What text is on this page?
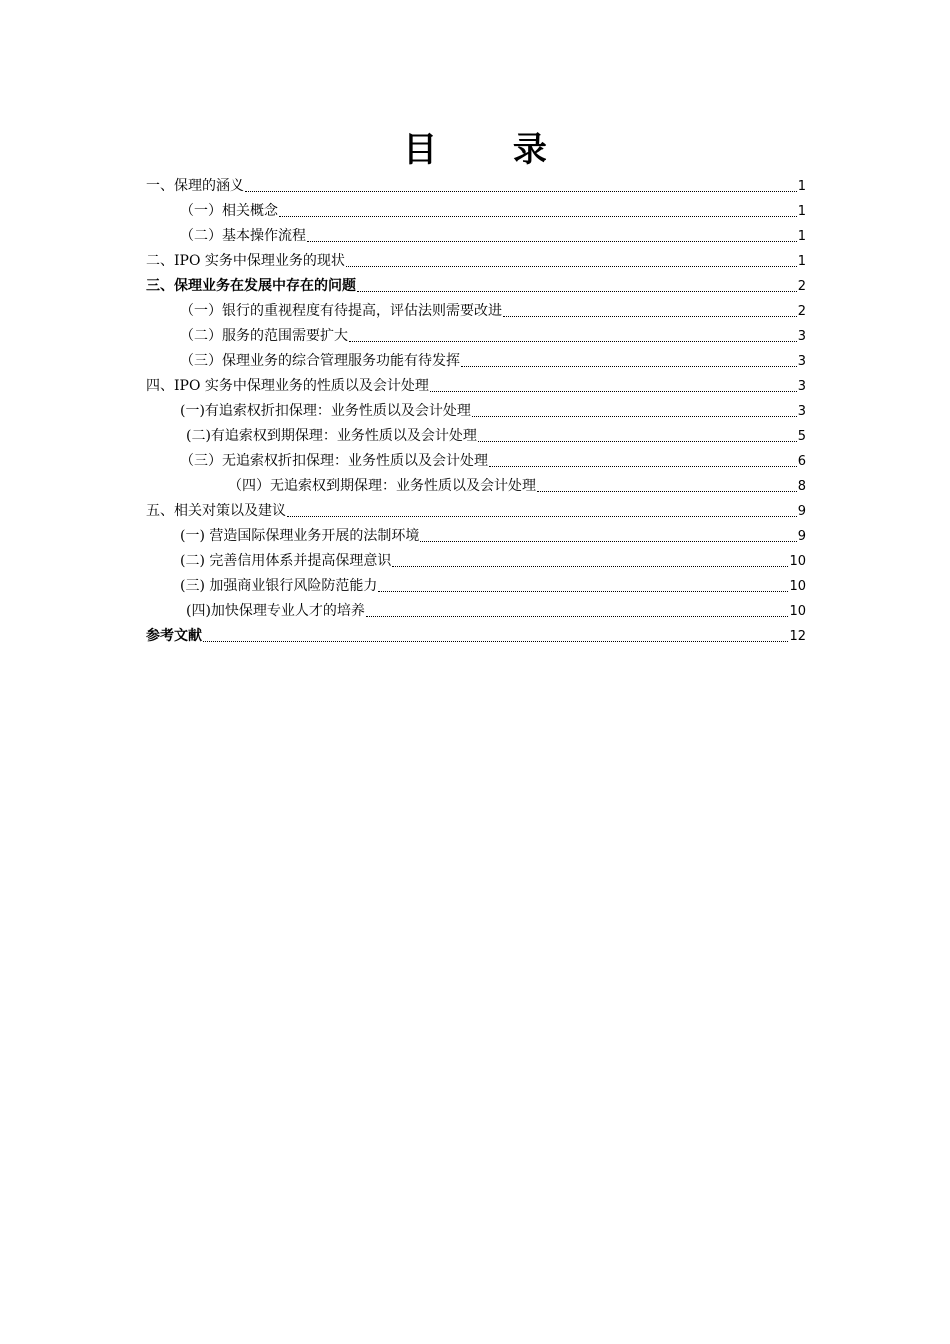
目 录
一、保理的涵义	1
（一）相关概念	1
（二）基本操作流程	1
二、IPO 实务中保理业务的现状	1
三、保理业务在发展中存在的问题	2
（一）银行的重视程度有待提高，评估法则需要改进	2
（二）服务的范围需要扩大	3
（三）保理业务的综合管理服务功能有待发挥	3
四、IPO 实务中保理业务的性质以及会计处理	3
(一)有追索权折扣保理：业务性质以及会计处理	3
(二)有追索权到期保理：业务性质以及会计处理	5
（三）无追索权折扣保理：业务性质以及会计处理	6
（四）无追索权到期保理：业务性质以及会计处理	8
五、相关对策以及建议	9
(一) 营造国际保理业务开展的法制环境	9
(二) 完善信用体系并提高保理意识	10
(三) 加强商业银行风险防范能力	10
(四)加快保理专业人才的培养	10
参考文献	12
